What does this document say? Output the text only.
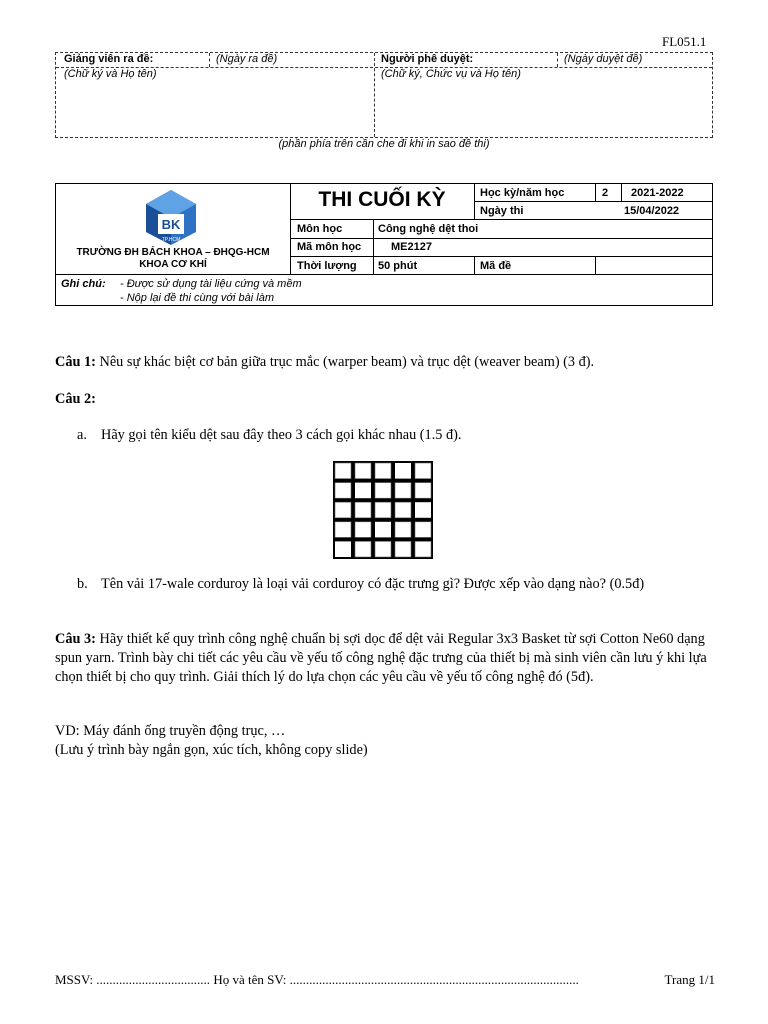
FL051.1
Giảng viên ra đề:	(Ngày ra đề)	Người phê duyệt:	(Ngày duyệt đề)
(Chữ ký và Họ tên)	(Chữ ký, Chức vụ và Họ tên)
(phần phía trên cần che đi khi in sao đề thi)
BK
TP.HCM
TRƯỜNG ĐH BÁCH KHOA – ĐHQG-HCM
KHOA CƠ KHÍ
THI CUỐI KỲ	Học kỳ/năm học	2 2021-2022
Ngày thi	15/04/2022
Môn học	Công nghệ dệt thoi
Mã môn học	ME2127
Thời lượng 50 phút	Mã đề
Ghi chú: - Được sử dụng tài liệu cứng và mềm
- Nộp lại đề thi cùng với bài làm
Câu 1: Nêu sự khác biệt cơ bản giữa trục mắc (warper beam) và trục dệt (weaver beam) (3 đ).
Câu 2:
a. Hãy gọi tên kiểu dệt sau đây theo 3 cách gọi khác nhau (1.5 đ).
b. Tên vải 17-wale corduroy là loại vải corduroy có đặc trưng gì? Được xếp vào dạng nào? (0.5đ)
Câu 3: Hãy thiết kế quy trình công nghệ chuẩn bị sợi dọc để dệt vải Regular 3x3 Basket từ sợi Cotton Ne60 dạng spun yarn. Trình bày chi tiết các yêu cầu về yếu tố công nghệ đặc trưng của thiết bị mà sinh viên cần lưu ý khi lựa chọn thiết bị cho quy trình. Giải thích lý do lựa chọn các yêu cầu về yếu tố công nghệ đó (5đ).
VD: Máy đánh ống truyền động trục, …
(Lưu ý trình bày ngắn gọn, xúc tích, không copy slide)
MSSV: ................................... Họ và tên SV: .........................................................................................	Trang 1/1
